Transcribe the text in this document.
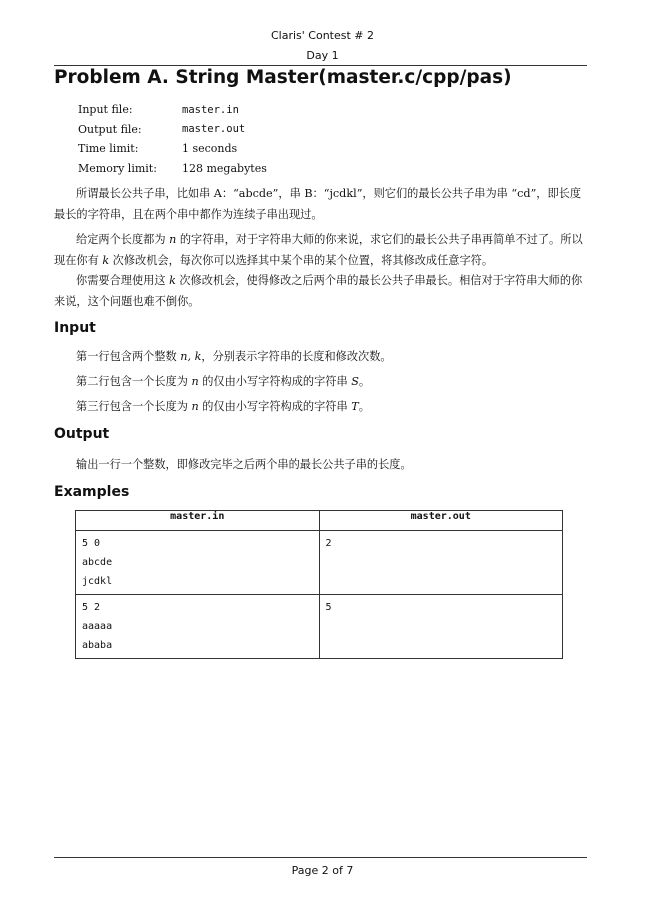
Claris' Contest # 2
Day 1
Problem A. String Master(master.c/cpp/pas)
Input file:	master.in
Output file:	master.out
Time limit:	1 seconds
Memory limit:	128 megabytes
所谓最长公共子串，比如串 A：“abcde”，串 B：“jcdkl”，则它们的最长公共子串为串 “cd”，即长度最长的字符串，且在两个串中都作为连续子串出现过。
给定两个长度都为 n 的字符串，对于字符串大师的你来说，求它们的最长公共子串再简单不过了。所以现在你有 k 次修改机会，每次你可以选择其中某个串的某个位置，将其修改成任意字符。
你需要合理使用这 k 次修改机会，使得修改之后两个串的最长公共子串最长。相信对于字符串大师的你来说，这个问题也难不倒你。
Input
第一行包含两个整数 n, k，分别表示字符串的长度和修改次数。
第二行包含一个长度为 n 的仅由小写字符构成的字符串 S。
第三行包含一个长度为 n 的仅由小写字符构成的字符串 T。
Output
输出一行一个整数，即修改完毕之后两个串的最长公共子串的长度。
Examples
master.in	master.out

5 0
abcde
jcdkl	2

5 2
aaaaa
ababa	5
Page 2 of 7
